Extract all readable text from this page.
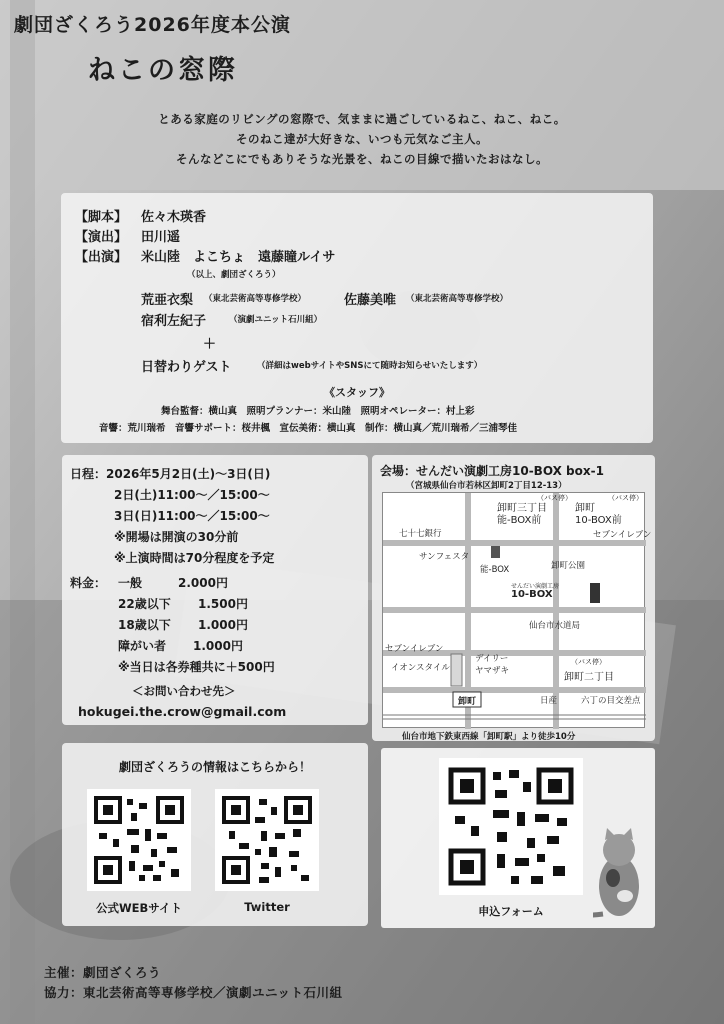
劇団ざくろう2026年度本公演
ねこの窓際
とある家庭のリビングの窓際で、気ままに過ごしているねこ、ねこ、ねこ。
そのねこ達が大好きな、いつも元気なご主人。
そんなどこにでもありそうな光景を、ねこの目線で描いたおはなし。
【脚本】 佐々木瑛香
【演出】 田川遥
【出演】 米山陸　よこちょ　遠藤瞳ルイサ
（以上、劇団ざくろう）
荒亜衣梨 （東北芸術高等専修学校）	佐藤美唯 （東北芸術高等専修学校）
宿利左紀子	（演劇ユニット石川組）
＋
日替わりゲスト	（詳細はwebサイトやSNSにて随時お知らせいたします）
《スタッフ》
舞台監督：横山真　照明プランナー：米山陸　照明オペレーター：村上彩
音響：荒川瑞希　音響サポート：桜井楓　宣伝美術：横山真　制作：横山真／荒川瑞希／三浦琴佳
日程：2026年5月2日(土)～3日(日)
2日(土)11:00～／15:00～
3日(日)11:00～／15:00～
※開場は開演の30分前
※上演時間は70分程度を予定
料金： 一般	2.000円
22歳以下 1.500円
18歳以下 1.000円
障がい者 1.000円
※当日は各券種共に＋500円
＜お問い合わせ先＞
hokugei.the.crow@gmail.com
会場：せんだい演劇工房10-BOX box-1
（宮城県仙台市若林区卸町2丁目12-13）
（バス停）
卸町三丁目
能-BOX前
（バス停）
卸町
10-BOX前
七十七銀行	セブンイレブン
サンフェスタ
能-BOX	卸町公園
せんだい演劇工房
10-BOX
仙台市水道局
セブンイレブン
イオンスタイル
デイリー
ヤマザキ
（バス停）
卸町二丁目
卸町	日産	六丁の目交差点
仙台市地下鉄東西線「卸町駅」より徒歩10分
劇団ざくろうの情報はこちらから！
公式WEBサイト	Twitter	申込フォーム
主催：劇団ざくろう
協力：東北芸術高等専修学校／演劇ユニット石川組
